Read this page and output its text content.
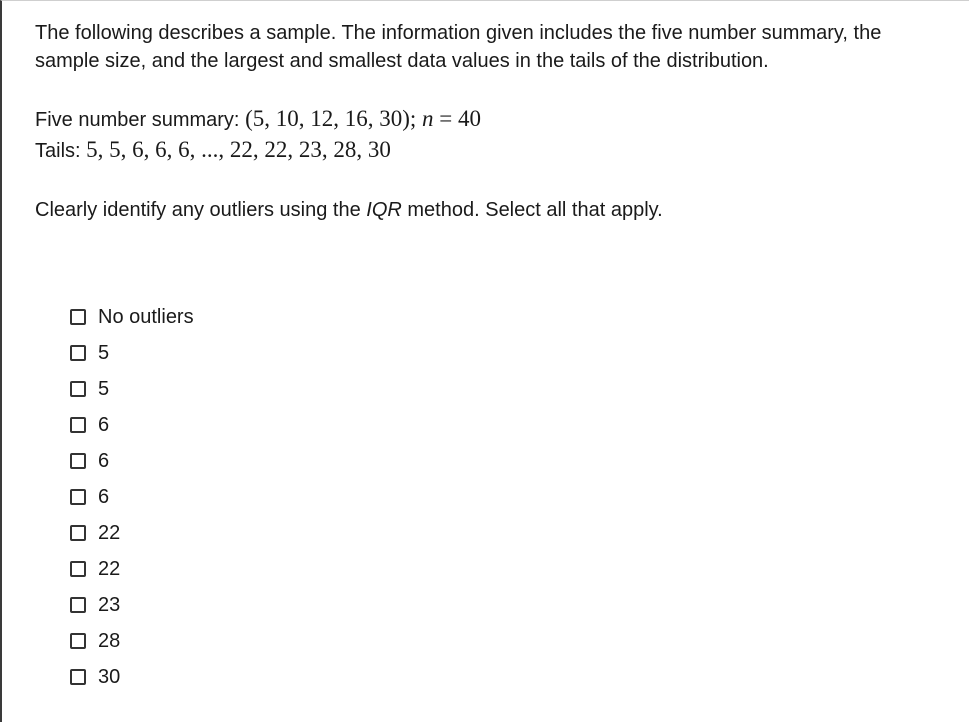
The following describes a sample. The information given includes the five number summary, the sample size, and the largest and smallest data values in the tails of the distribution.

Five number summary: (5, 10, 12, 16, 30); n = 40
Tails: 5, 5, 6, 6, 6, ..., 22, 22, 23, 28, 30
Clearly identify any outliers using the IQR method. Select all that apply.
No outliers
5
5
6
6
6
22
22
23
28
30
